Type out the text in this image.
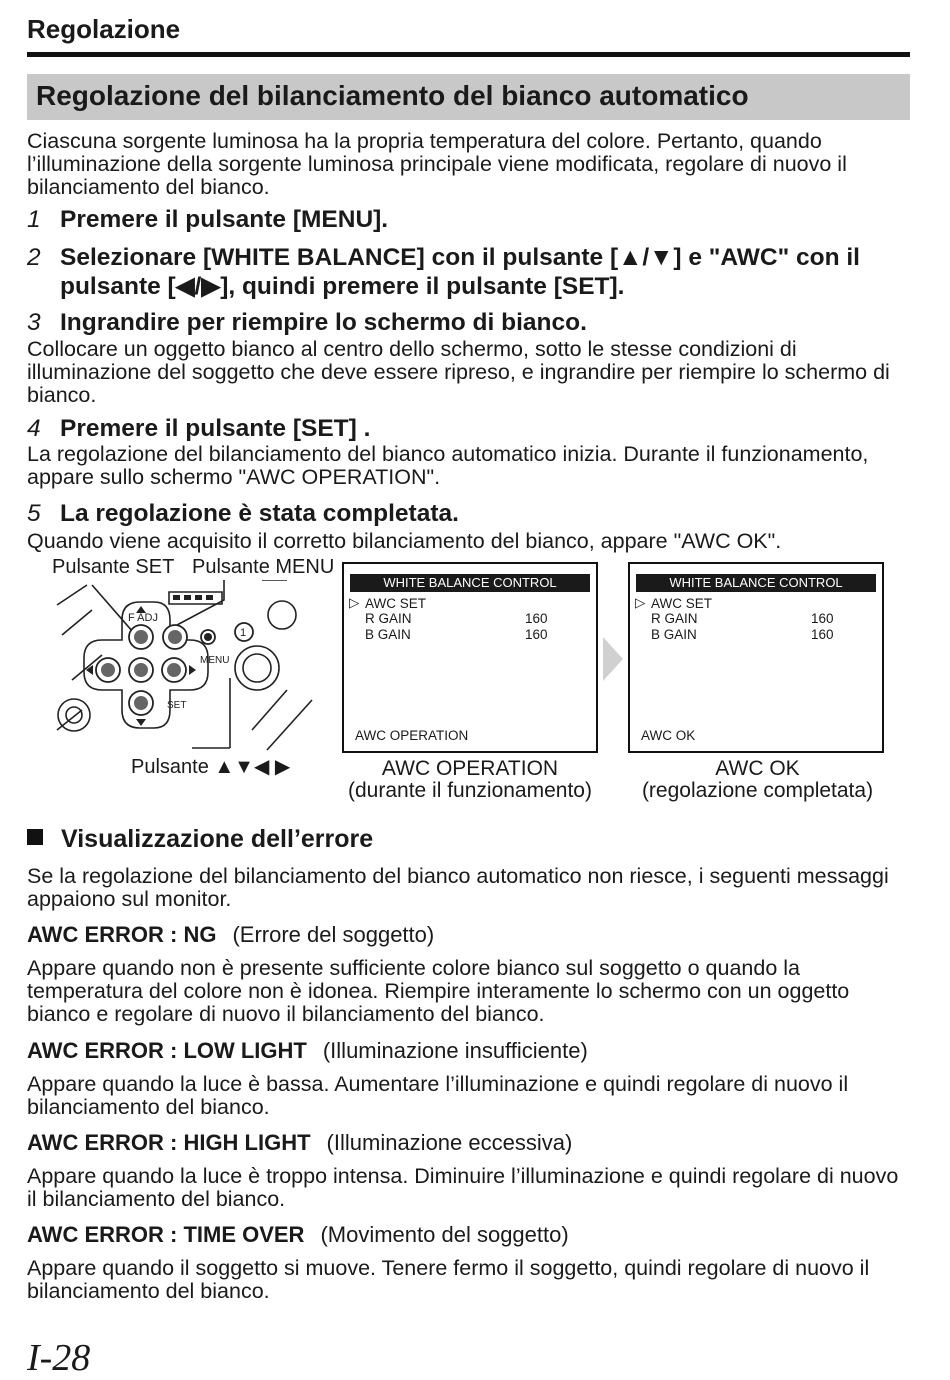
Regolazione
Regolazione del bilanciamento del bianco automatico
Ciascuna sorgente luminosa ha la propria temperatura del colore. Pertanto, quando l’illuminazione della sorgente luminosa principale viene modificata, regolare di nuovo il bilanciamento del bianco.
1 Premere il pulsante [MENU].
2 Selezionare [WHITE BALANCE] con il pulsante [▲/▼] e "AWC" con il pulsante [◀/▶], quindi premere il pulsante [SET].
3 Ingrandire per riempire lo schermo di bianco.
Collocare un oggetto bianco al centro dello schermo, sotto le stesse condizioni di illuminazione del soggetto che deve essere ripreso, e ingrandire per riempire lo schermo di bianco.
4 Premere il pulsante [SET] .
La regolazione del bilanciamento del bianco automatico inizia. Durante il funzionamento, appare sullo schermo "AWC OPERATION".
5 La regolazione è stata completata.
Quando viene acquisito il corretto bilanciamento del bianco, appare "AWC OK".
Pulsante SET Pulsante MENU
Pulsante ▲▼◀ ▶
F ADJ
MENU
SET
1
WHITE BALANCE CONTROL
▷ AWC SET
R GAIN	160
B GAIN	160
AWC OPERATION
AWC OPERATION
(durante il funzionamento)
WHITE BALANCE CONTROL
▷ AWC SET
R GAIN	160
B GAIN	160
AWC OK
AWC OK
(regolazione completata)
Visualizzazione dell’errore
Se la regolazione del bilanciamento del bianco automatico non riesce, i seguenti messaggi appaiono sul monitor.
AWC ERROR : NG (Errore del soggetto)
Appare quando non è presente sufficiente colore bianco sul soggetto o quando la temperatura del colore non è idonea. Riempire interamente lo schermo con un oggetto bianco e regolare di nuovo il bilanciamento del bianco.
AWC ERROR : LOW LIGHT (Illuminazione insufficiente)
Appare quando la luce è bassa. Aumentare l’illuminazione e quindi regolare di nuovo il bilanciamento del bianco.
AWC ERROR : HIGH LIGHT (Illuminazione eccessiva)
Appare quando la luce è troppo intensa. Diminuire l’illuminazione e quindi regolare di nuovo il bilanciamento del bianco.
AWC ERROR : TIME OVER (Movimento del soggetto)
Appare quando il soggetto si muove. Tenere fermo il soggetto, quindi regolare di nuovo il bilanciamento del bianco.
I-28
